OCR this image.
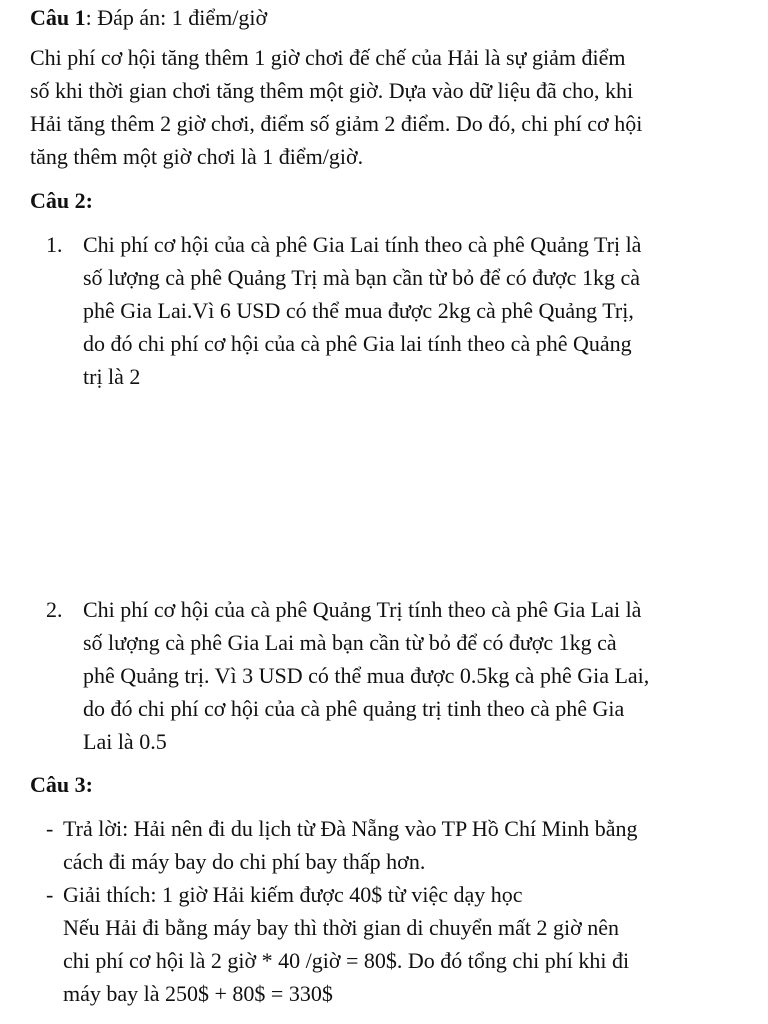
Câu 1: Đáp án: 1 điểm/giờ

Chi phí cơ hội tăng thêm 1 giờ chơi đế chế của Hải là sự giảm điểm
số khi thời gian chơi tăng thêm một giờ. Dựa vào dữ liệu đã cho, khi
Hải tăng thêm 2 giờ chơi, điểm số giảm 2 điểm. Do đó, chi phí cơ hội
tăng thêm một giờ chơi là 1 điểm/giờ.

Câu 2:

1. Chi phí cơ hội của cà phê Gia Lai tính theo cà phê Quảng Trị là
số lượng cà phê Quảng Trị mà bạn cần từ bỏ để có được 1kg cà
phê Gia Lai.Vì 6 USD có thể mua được 2kg cà phê Quảng Trị,
do đó chi phí cơ hội của cà phê Gia lai tính theo cà phê Quảng
trị là 2
2. Chi phí cơ hội của cà phê Quảng Trị tính theo cà phê Gia Lai là
số lượng cà phê Gia Lai mà bạn cần từ bỏ để có được 1kg cà
phê Quảng trị. Vì 3 USD có thể mua được 0.5kg cà phê Gia Lai,
do đó chi phí cơ hội của cà phê quảng trị tinh theo cà phê Gia
Lai là 0.5

Câu 3:

- Trả lời: Hải nên đi du lịch từ Đà Nẵng vào TP Hồ Chí Minh bằng
cách đi máy bay do chi phí bay thấp hơn.
- Giải thích: 1 giờ Hải kiếm được 40$ từ việc dạy học
Nếu Hải đi bằng máy bay thì thời gian di chuyển mất 2 giờ nên
chi phí cơ hội là 2 giờ * 40 /giờ = 80$. Do đó tổng chi phí khi đi
máy bay là 250$ + 80$ = 330$
